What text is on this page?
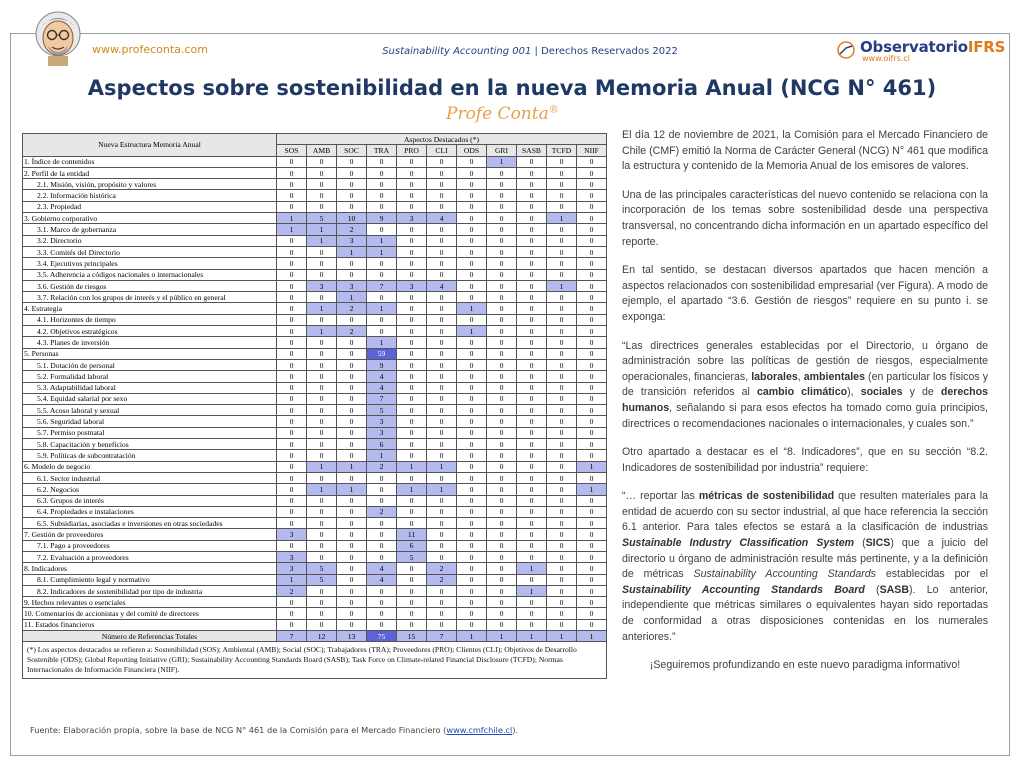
www.profeconta.com	Sustainability Accounting 001 | Derechos Reservados 2022	ObservatorioIFRS
www.oifrs.cl
Aspectos sobre sostenibilidad en la nueva Memoria Anual (NCG N° 461)
Profe Conta®
Nueva Estructura Memoria Anual	Aspectos Destacados (*)										
	SOS	AMB	SOC	TRA	PRO	CLI	ODS	GRI	SASB	TCFD	NIIF
1. Índice de contenidos	0	0	0	0	0	0	0	1	0	0	0
2. Perfil de la entidad	0	0	0	0	0	0	0	0	0	0	0
2.1. Misión, visión, propósito y valores	0	0	0	0	0	0	0	0	0	0	0
2.2. Información histórica	0	0	0	0	0	0	0	0	0	0	0
2.3. Propiedad	0	0	0	0	0	0	0	0	0	0	0
3. Gobierno corporativo	1	5	10	9	3	4	0	0	0	1	0
3.1. Marco de gobernanza	1	1	2	0	0	0	0	0	0	0	0
3.2. Directorio	0	1	3	1	0	0	0	0	0	0	0
3.3. Comités del Directorio	0	0	1	1	0	0	0	0	0	0	0
3.4. Ejecutivos principales	0	0	0	0	0	0	0	0	0	0	0
3.5. Adherencia a códigos nacionales o internacionales	0	0	0	0	0	0	0	0	0	0	0
3.6. Gestión de riesgos	0	3	3	7	3	4	0	0	0	1	0
3.7. Relación con los grupos de interés y el público en general	0	0	1	0	0	0	0	0	0	0	0
4. Estrategia	0	1	2	1	0	0	1	0	0	0	0
4.1. Horizontes de tiempo	0	0	0	0	0	0	0	0	0	0	0
4.2. Objetivos estratégicos	0	1	2	0	0	0	1	0	0	0	0
4.3. Planes de inversión	0	0	0	1	0	0	0	0	0	0	0
5. Personas	0	0	0	59	0	0	0	0	0	0	0
5.1. Dotación de personal	0	0	0	9	0	0	0	0	0	0	0
5.2. Formalidad laboral	0	0	0	4	0	0	0	0	0	0	0
5.3. Adaptabilidad laboral	0	0	0	4	0	0	0	0	0	0	0
5.4. Equidad salarial por sexo	0	0	0	7	0	0	0	0	0	0	0
5.5. Acoso laboral y sexual	0	0	0	5	0	0	0	0	0	0	0
5.6. Seguridad laboral	0	0	0	3	0	0	0	0	0	0	0
5.7. Permiso postnatal	0	0	0	3	0	0	0	0	0	0	0
5.8. Capacitación y beneficios	0	0	0	6	0	0	0	0	0	0	0
5.9. Políticas de subcontratación	0	0	0	1	0	0	0	0	0	0	0
6. Modelo de negocio	0	1	1	2	1	1	0	0	0	0	1
6.1. Sector industrial	0	0	0	0	0	0	0	0	0	0	0
6.2. Negocios	0	1	1	0	1	1	0	0	0	0	1
6.3. Grupos de interés	0	0	0	0	0	0	0	0	0	0	0
6.4. Propiedades e instalaciones	0	0	0	2	0	0	0	0	0	0	0
6.5. Subsidiarias, asociadas e inversiones en otras sociedades	0	0	0	0	0	0	0	0	0	0	0
7. Gestión de proveedores	3	0	0	0	11	0	0	0	0	0	0
7.1. Pago a proveedores	0	0	0	0	6	0	0	0	0	0	0
7.2. Evaluación a proveedores	3	0	0	0	5	0	0	0	0	0	0
8. Indicadores	3	5	0	4	0	2	0	0	1	0	0
8.1. Cumplimiento legal y normativo	1	5	0	4	0	2	0	0	0	0	0
8.2. Indicadores de sostenibilidad por tipo de industria	2	0	0	0	0	0	0	0	1	0	0
9. Hechos relevantes o esenciales	0	0	0	0	0	0	0	0	0	0	0
10. Comentarios de accionistas y del comité de directores	0	0	0	0	0	0	0	0	0	0	0
11. Estados financieros	0	0	0	0	0	0	0	0	0	0	0
Número de Referencias Totales	7	12	13	75	15	7	1	1	1	1	1
(*) Los aspectos destacados se refieren a: Sostenibilidad (SOS); Ambiental (AMB); Social (SOC); Trabajadores (TRA); Proveedores (PRO); Clientes (CLI); Objetivos de Desarrollo Sostenible (ODS); Global Reporting Initiative (GRI); Sustainability Accounting Standards Board (SASB); Task Force on Climate-related Financial Disclosure (TCFD); Normas Internacionales de Información Financiera (NIIF).
Fuente: Elaboración propia, sobre la base de NCG N° 461 de la Comisión para el Mercado Financiero (www.cmfchile.cl).

El día 12 de noviembre de 2021, la Comisión para el Mercado Financiero de Chile (CMF) emitió la Norma de Carácter General (NCG) N° 461 que modifica la estructura y contenido de la Memoria Anual de los emisores de valores.

Una de las principales características del nuevo contenido se relaciona con la incorporación de los temas sobre sostenibilidad desde una perspectiva transversal, no concentrando dicha información en un apartado específico del reporte.

En tal sentido, se destacan diversos apartados que hacen mención a aspectos relacionados con sostenibilidad empresarial (ver Figura). A modo de ejemplo, el apartado “3.6. Gestión de riesgos” requiere en su punto i. se exponga:

“Las directrices generales establecidas por el Directorio, u órgano de administración sobre las políticas de gestión de riesgos, especialmente operacionales, financieras, laborales, ambientales (en particular los físicos y de transición referidos al cambio climático), sociales y de derechos humanos, señalando si para esos efectos ha tomado como guía principios, directrices o recomendaciones nacionales o internacionales, y cuales son.”

Otro apartado a destacar es el “8. Indicadores”, que en su sección “8.2. Indicadores de sostenibilidad por industria” requiere:

“… reportar las métricas de sostenibilidad que resulten materiales para la entidad de acuerdo con su sector industrial, al que hace referencia la sección 6.1 anterior. Para tales efectos se estará a la clasificación de industrias Sustainable Industry Classification System (SICS) que a juicio del directorio u órgano de administración resulte más pertinente, y a la definición de métricas Sustainability Accounting Standards establecidas por el Sustainability Accounting Standards Board (SASB). Lo anterior, independiente que métricas similares o equivalentes hayan sido reportadas de conformidad a otras disposiciones contenidas en los numerales anteriores.”

¡Seguiremos profundizando en este nuevo paradigma informativo!
